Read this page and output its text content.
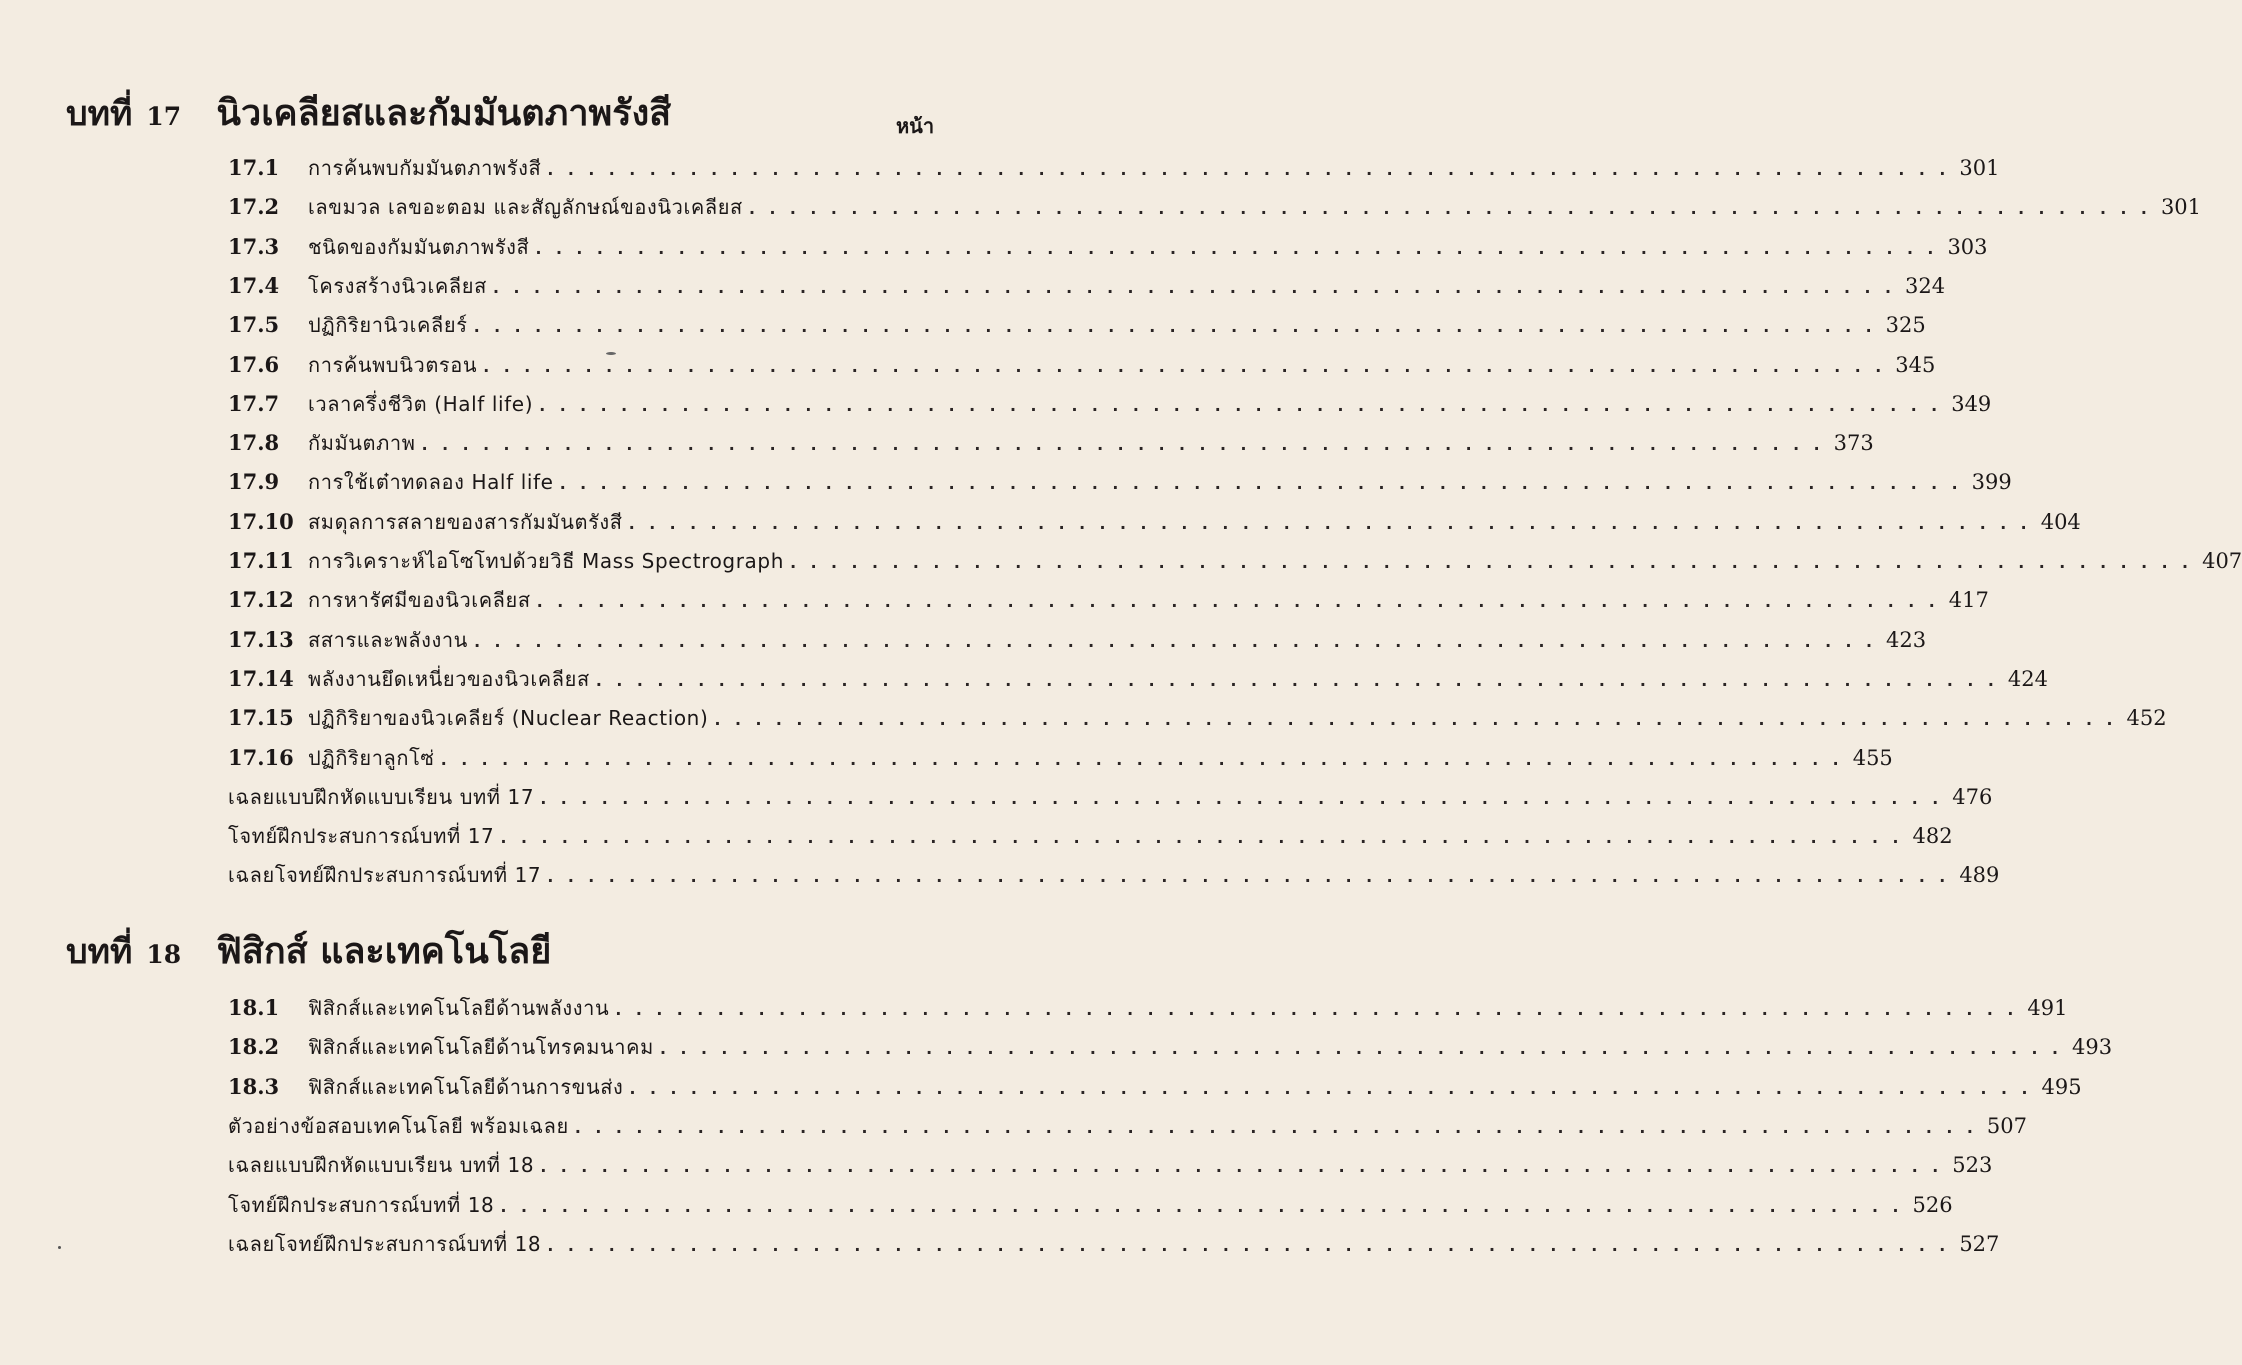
บทที่ 17 นิวเคลียสและกัมมันตภาพรังสี	หน้า
บทที่ 18 ฟิสิกส์ และเทคโนโลยี
17.1	การค้นพบกัมมันตภาพรังสี . . .	301
17.2	เลขมวล เลขอะตอม และสัญลักษณ์ของนิวเคลียส . . .	301
17.3	ชนิดของกัมมันตภาพรังสี . . .	303
17.4	โครงสร้างนิวเคลียส . . .	324
17.5	ปฏิกิริยานิวเคลียร์ . . .	325
17.6	การค้นพบนิวตรอน . . .	345
17.7	เวลาครึ่งชีวิต (Half life) . . .	349
17.8	กัมมันตภาพ . . .	373
17.9	การใช้เต๋าทดลอง Half life . . .	399
17.10 สมดุลการสลายของสารกัมมันตรังสี . . .	404
17.11 การวิเคราะห์ไอโซโทปด้วยวิธี Mass Spectrograph . . .	407
17.12 การหารัศมีของนิวเคลียส . . .	417
17.13 สสารและพลังงาน . . .	423
17.14 พลังงานยึดเหนี่ยวของนิวเคลียส . . .	424
17.15 ปฏิกิริยาของนิวเคลียร์ (Nuclear Reaction) . . .	452
17.16 ปฏิกิริยาลูกโซ่ . . .	455
เฉลยแบบฝึกหัดแบบเรียน บทที่ 17 . . .	476
โจทย์ฝึกประสบการณ์บทที่ 17 . . .	482
เฉลยโจทย์ฝึกประสบการณ์บทที่ 17 . . .	489
18.1	ฟิสิกส์และเทคโนโลยีด้านพลังงาน . . .	491
18.2	ฟิสิกส์และเทคโนโลยีด้านโทรคมนาคม . . .	493
18.3	ฟิสิกส์และเทคโนโลยีด้านการขนส่ง . . .	495
ตัวอย่างข้อสอบเทคโนโลยี พร้อมเฉลย . . .	507
เฉลยแบบฝึกหัดแบบเรียน บทที่ 18 . . .	523
โจทย์ฝึกประสบการณ์บทที่ 18 . . .	526
เฉลยโจทย์ฝึกประสบการณ์บทที่ 18 . . .	527
